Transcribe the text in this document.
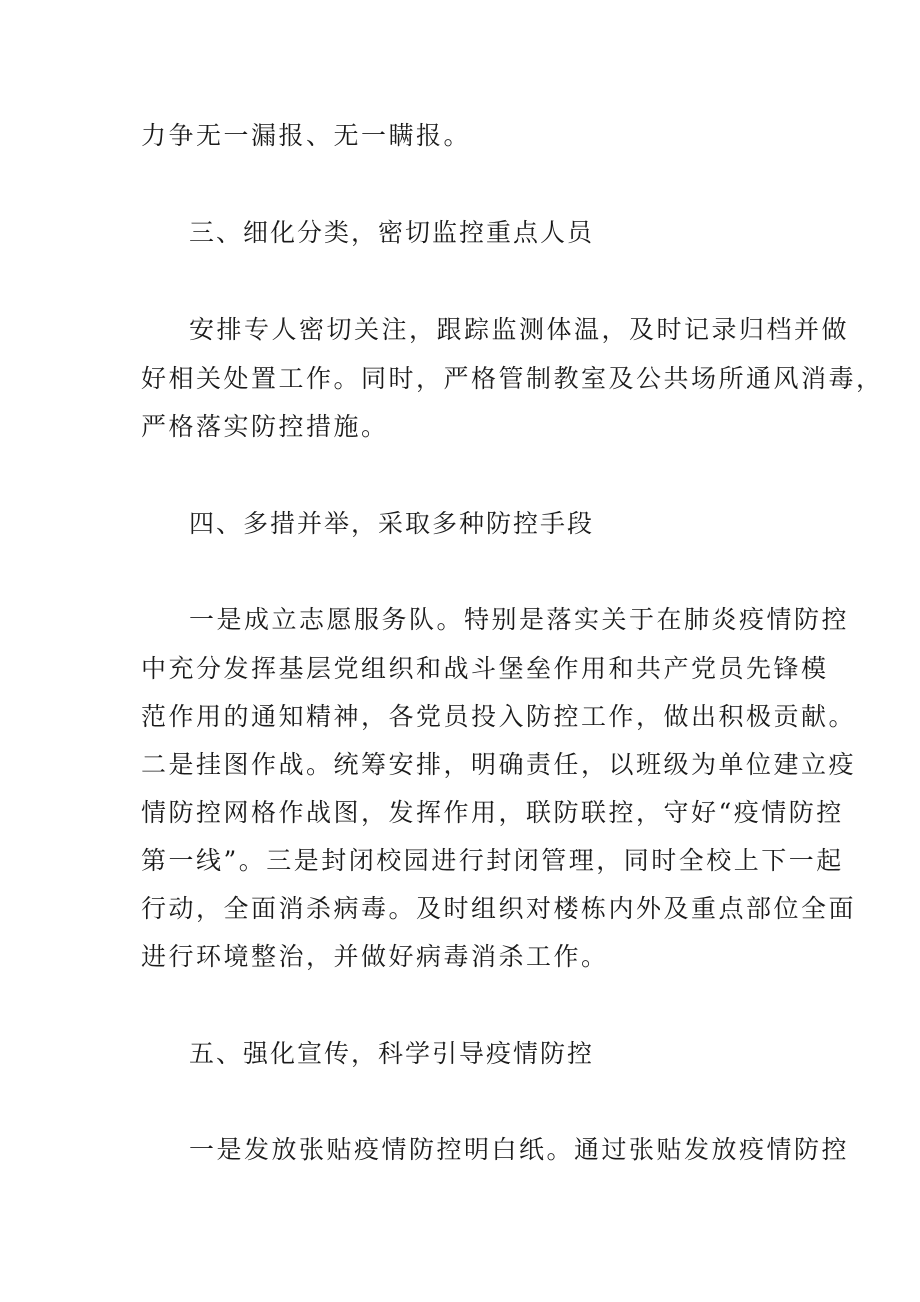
力争无一漏报、无一瞒报。
三、细化分类，密切监控重点人员
安排专人密切关注，跟踪监测体温，及时记录归档并做
好相关处置工作。同时，严格管制教室及公共场所通风消毒，
严格落实防控措施。
四、多措并举，采取多种防控手段
一是成立志愿服务队。特别是落实关于在肺炎疫情防控
中充分发挥基层党组织和战斗堡垒作用和共产党员先锋模
范作用的通知精神，各党员投入防控工作，做出积极贡献。
二是挂图作战。统筹安排，明确责任，以班级为单位建立疫
情防控网格作战图，发挥作用，联防联控，守好“疫情防控
第一线”。三是封闭校园进行封闭管理，同时全校上下一起
行动，全面消杀病毒。及时组织对楼栋内外及重点部位全面
进行环境整治，并做好病毒消杀工作。
五、强化宣传，科学引导疫情防控
一是发放张贴疫情防控明白纸。通过张贴发放疫情防控
